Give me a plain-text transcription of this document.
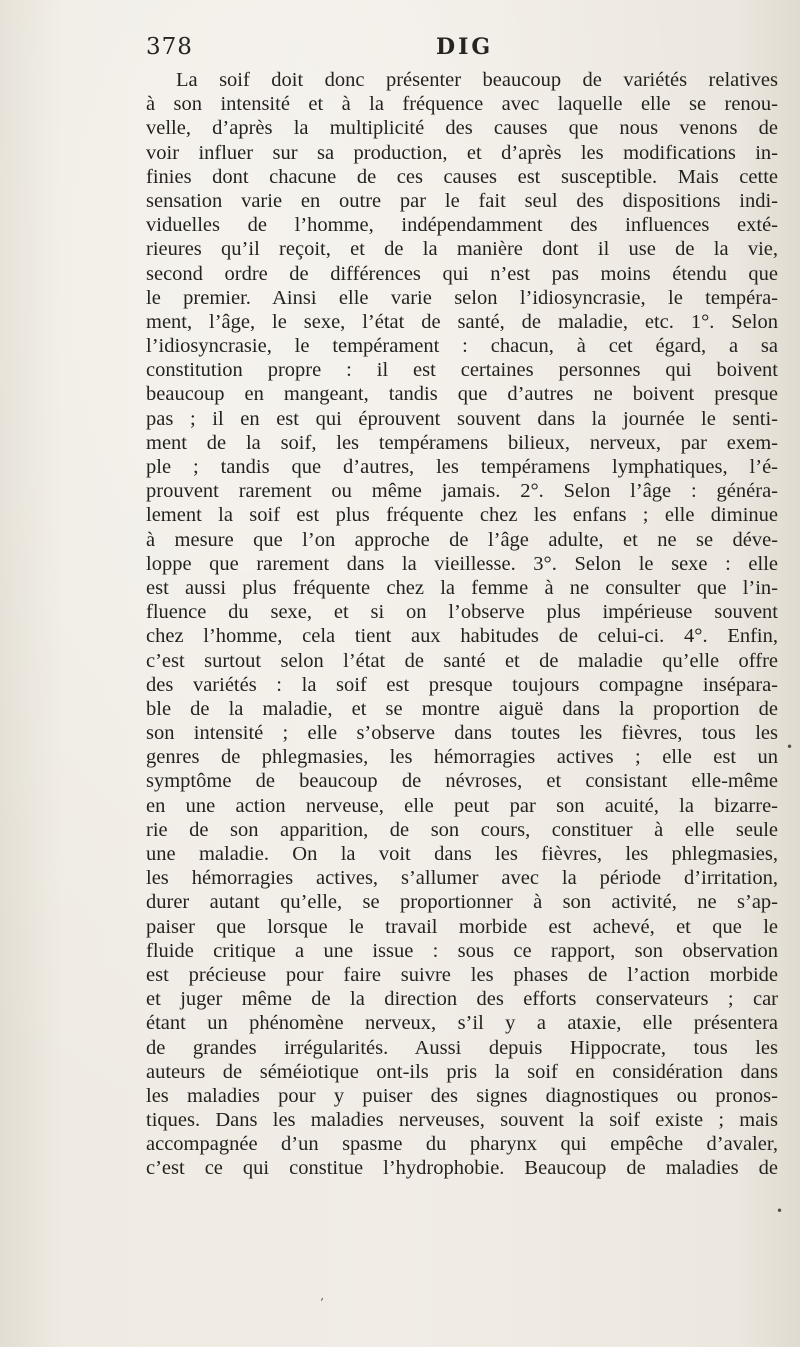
378	DIG
La soif doit donc présenter beaucoup de variétés relatives
à son intensité et à la fréquence avec laquelle elle se renou-
velle, d’après la multiplicité des causes que nous venons de
voir influer sur sa production, et d’après les modifications in-
finies dont chacune de ces causes est susceptible. Mais cette
sensation varie en outre par le fait seul des dispositions indi-
viduelles de l’homme, indépendamment des influences exté-
rieures qu’il reçoit, et de la manière dont il use de la vie,
second ordre de différences qui n’est pas moins étendu que
le premier. Ainsi elle varie selon l’idiosyncrasie, le tempéra-
ment, l’âge, le sexe, l’état de santé, de maladie, etc. 1°. Selon
l’idiosyncrasie, le tempérament : chacun, à cet égard, a sa
constitution propre : il est certaines personnes qui boivent
beaucoup en mangeant, tandis que d’autres ne boivent presque
pas ; il en est qui éprouvent souvent dans la journée le senti-
ment de la soif, les tempéramens bilieux, nerveux, par exem-
ple ; tandis que d’autres, les tempéramens lymphatiques, l’é-
prouvent rarement ou même jamais. 2°. Selon l’âge : généra-
lement la soif est plus fréquente chez les enfans ; elle diminue
à mesure que l’on approche de l’âge adulte, et ne se déve-
loppe que rarement dans la vieillesse. 3°. Selon le sexe : elle
est aussi plus fréquente chez la femme à ne consulter que l’in-
fluence du sexe, et si on l’observe plus impérieuse souvent
chez l’homme, cela tient aux habitudes de celui-ci. 4°. Enfin,
c’est surtout selon l’état de santé et de maladie qu’elle offre
des variétés : la soif est presque toujours compagne insépara-
ble de la maladie, et se montre aiguë dans la proportion de
son intensité ; elle s’observe dans toutes les fièvres, tous les
genres de phlegmasies, les hémorragies actives ; elle est un
symptôme de beaucoup de névroses, et consistant elle-même
en une action nerveuse, elle peut par son acuité, la bizarre-
rie de son apparition, de son cours, constituer à elle seule
une maladie. On la voit dans les fièvres, les phlegmasies,
les hémorragies actives, s’allumer avec la période d’irritation,
durer autant qu’elle, se proportionner à son activité, ne s’ap-
paiser que lorsque le travail morbide est achevé, et que le
fluide critique a une issue : sous ce rapport, son observation
est précieuse pour faire suivre les phases de l’action morbide
et juger même de la direction des efforts conservateurs ; car
étant un phénomène nerveux, s’il y a ataxie, elle présentera
de grandes irrégularités. Aussi depuis Hippocrate, tous les
auteurs de séméiotique ont-ils pris la soif en considération dans
les maladies pour y puiser des signes diagnostiques ou pronos-
tiques. Dans les maladies nerveuses, souvent la soif existe ; mais
accompagnée d’un spasme du pharynx qui empêche d’avaler,
c’est ce qui constitue l’hydrophobie. Beaucoup de maladies de
•
’
•
